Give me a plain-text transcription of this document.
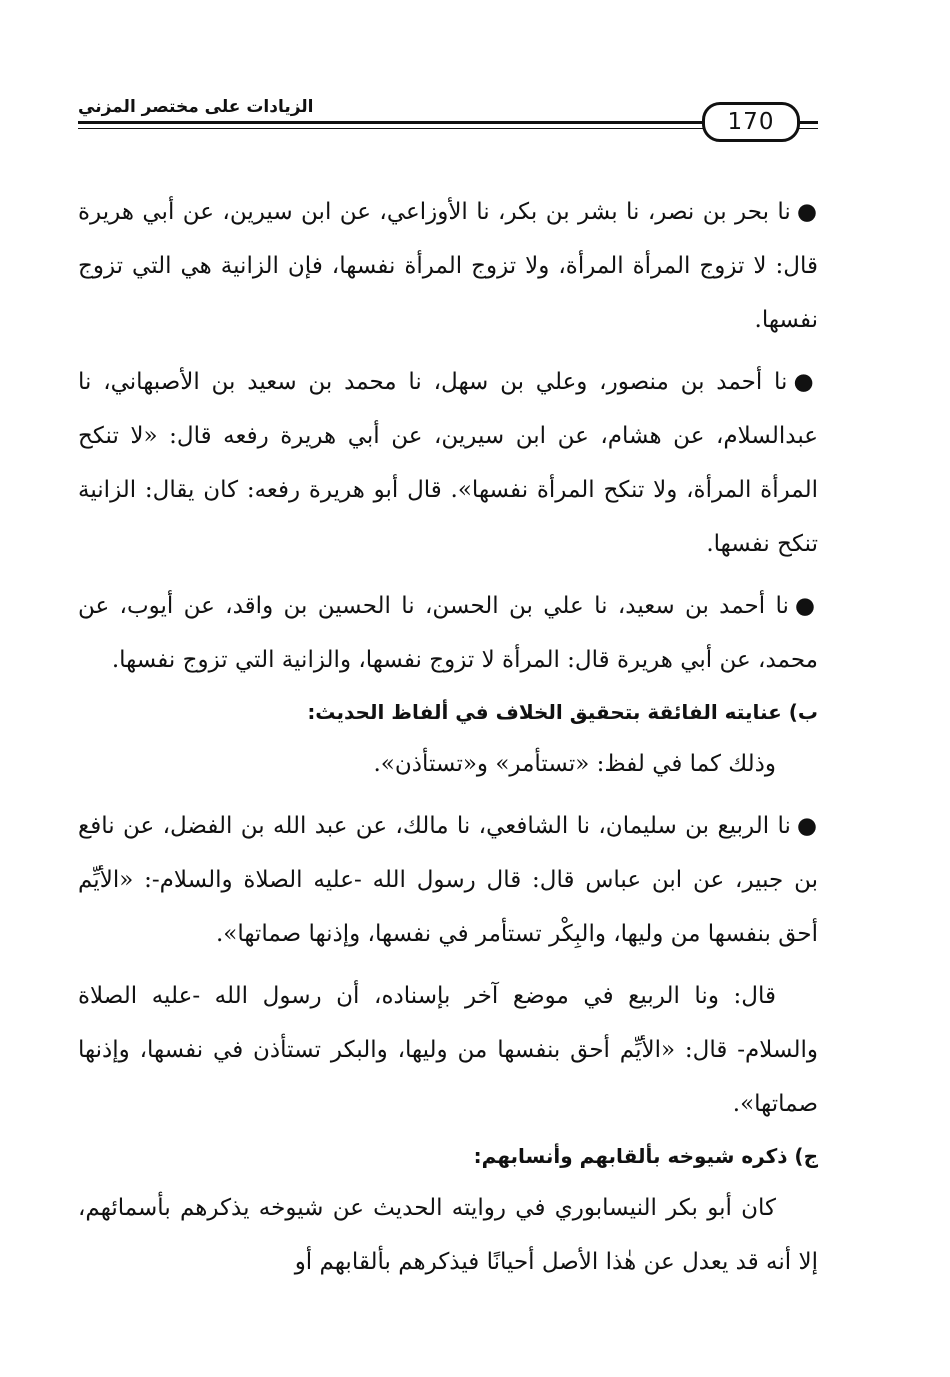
الزيادات على مختصر المزني
170

●نا بحر بن نصر، نا بشر بن بكر، نا الأوزاعي، عن ابن سيرين، عن أبي هريرة قال: لا تزوج المرأة المرأة، ولا تزوج المرأة نفسها، فإن الزانية هي التي تزوج نفسها.

●نا أحمد بن منصور، وعلي بن سهل، نا محمد بن سعيد بن الأصبهاني، نا عبدالسلام، عن هشام، عن ابن سيرين، عن أبي هريرة رفعه قال: «لا تنكح المرأة المرأة، ولا تنكح المرأة نفسها». قال أبو هريرة رفعه: كان يقال: الزانية تنكح نفسها.

●نا أحمد بن سعيد، نا علي بن الحسن، نا الحسين بن واقد، عن أيوب، عن محمد، عن أبي هريرة قال: المرأة لا تزوج نفسها، والزانية التي تزوج نفسها.

ب) عنايته الفائقة بتحقيق الخلاف في ألفاظ الحديث:

وذلك كما في لفظ: «تستأمر» و«تستأذن».

●نا الربيع بن سليمان، نا الشافعي، نا مالك، عن عبد الله بن الفضل، عن نافع بن جبير، عن ابن عباس قال: قال رسول الله -عليه الصلاة والسلام-: «الأيِّم أحق بنفسها من وليها، والبِكْر تستأمر في نفسها، وإذنها صماتها».

قال: ونا الربيع في موضع آخر بإسناده، أن رسول الله -عليه الصلاة والسلام- قال: «الأيِّم أحق بنفسها من وليها، والبكر تستأذن في نفسها، وإذنها صماتها».

ج) ذكره شيوخه بألقابهم وأنسابهم:

كان أبو بكر النيسابوري في روايته الحديث عن شيوخه يذكرهم بأسمائهم، إلا أنه قد يعدل عن هٰذا الأصل أحيانًا فيذكرهم بألقابهم أو
